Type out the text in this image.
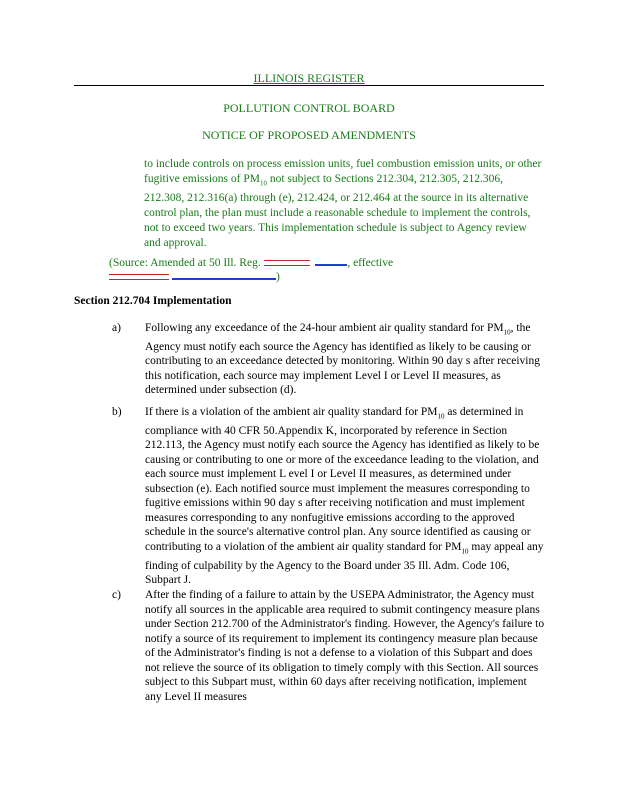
ILLINOIS REGISTER
POLLUTION CONTROL BOARD
NOTICE OF PROPOSED AMENDMENTS
to include controls on process emission units, fuel combustion emission units, or other fugitive emissions of $PM_{10}$ not subject to Sections 212.304, 212.305, 212.306, 212.308, 212.316(a) through (e), 212.424, or 212.464 at the source in its alternative control plan, the plan must include a reasonable schedule to implement the controls, not to exceed two years. This implementation schedule is subject to Agency review and approval.
(Source: Amended at 50 Ill. Reg.	, effective
)
Section 212.704 Implementation
a) Following any exceedance of the 24-hour ambient air quality standard for $PM_{10}$, the Agency must notify each source the Agency has identified as likely to be causing or contributing to an exceedance detected by monitoring. Within 90 day s after receiving this notification, each source may implement Level I or Level II measures, as determined under subsection (d).
b) If there is a violation of the ambient air quality standard for $PM_{10}$ as determined in compliance with 40 CFR 50.Appendix K, incorporated by reference in Section 212.113, the Agency must notify each source the Agency has identified as likely to be causing or contributing to one or more of the exceedance leading to the violation, and each source must implement L evel I or Level II measures, as determined under subsection (e). Each notified source must implement the measures corresponding to fugitive emissions within 90 day s after receiving notification and must implement measures corresponding to any nonfugitive emissions according to the approved schedule in the source's alternative control plan. Any source identified as causing or contributing to a violation of the ambient air quality standard for $PM_{10}$ may appeal any finding of culpability by the Agency to the Board under 35 Ill. Adm. Code 106, Subpart J.
c) After the finding of a failure to attain by the USEPA Administrator, the Agency must notify all sources in the applicable area required to submit contingency measure plans under Section 212.700 of the Administrator's finding. However, the Agency's failure to notify a source of its requirement to implement its contingency measure plan because of the Administrator's finding is not a defense to a violation of this Subpart and does not relieve the source of its obligation to timely comply with this Section. All sources subject to this Subpart must, within 60 days after receiving notification, implement any Level II measures
